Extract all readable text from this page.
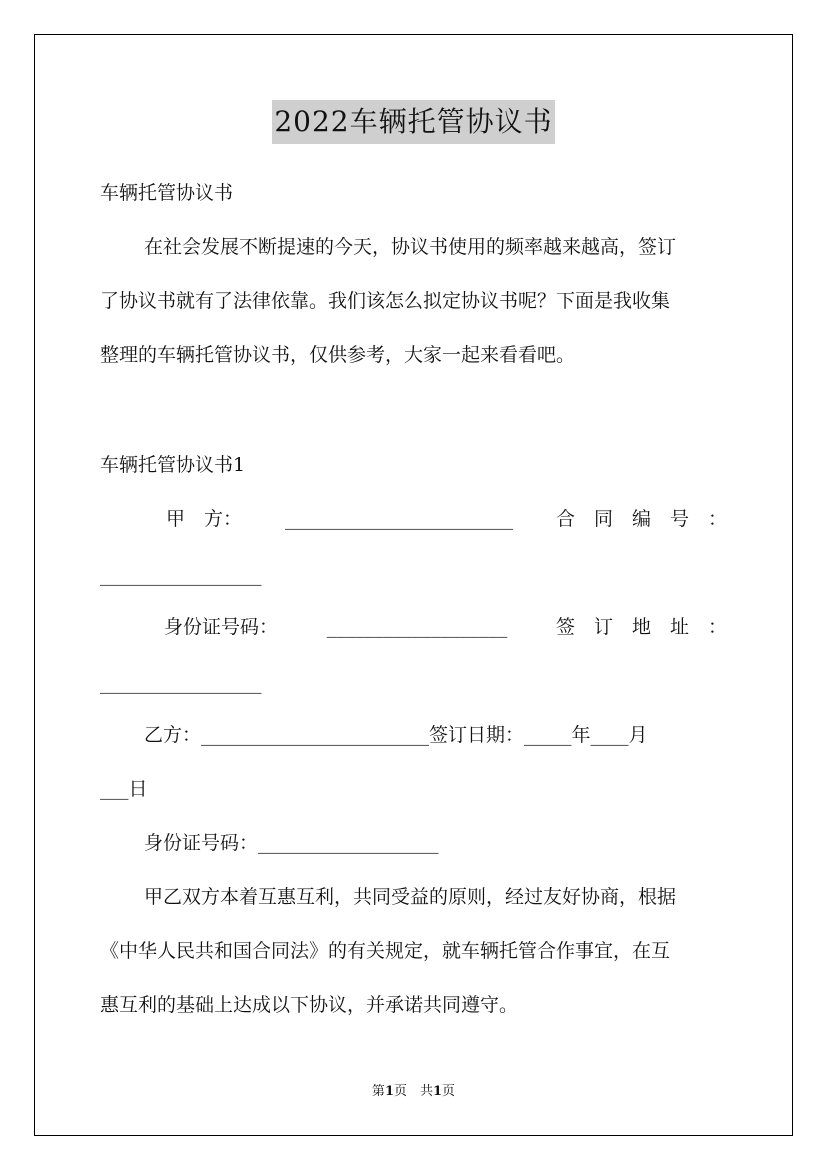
2022车辆托管协议书
车辆托管协议书
在社会发展不断提速的今天，协议书使用的频率越来越高，签订
了协议书就有了法律依靠。我们该怎么拟定协议书呢？下面是我收集
整理的车辆托管协议书，仅供参考，大家一起来看看吧。
车辆托管协议书1
甲　方： ________________________ 合　同　编　号　：
_________________
身份证号码：	___________________	签　订　地　址　：
_________________
乙方：________________________签订日期：_____年____月
___日
身份证号码：___________________
甲乙双方本着互惠互利，共同受益的原则，经过友好协商，根据
《中华人民共和国合同法》的有关规定，就车辆托管合作事宜，在互
惠互利的基础上达成以下协议，并承诺共同遵守。
第1页　共1页
